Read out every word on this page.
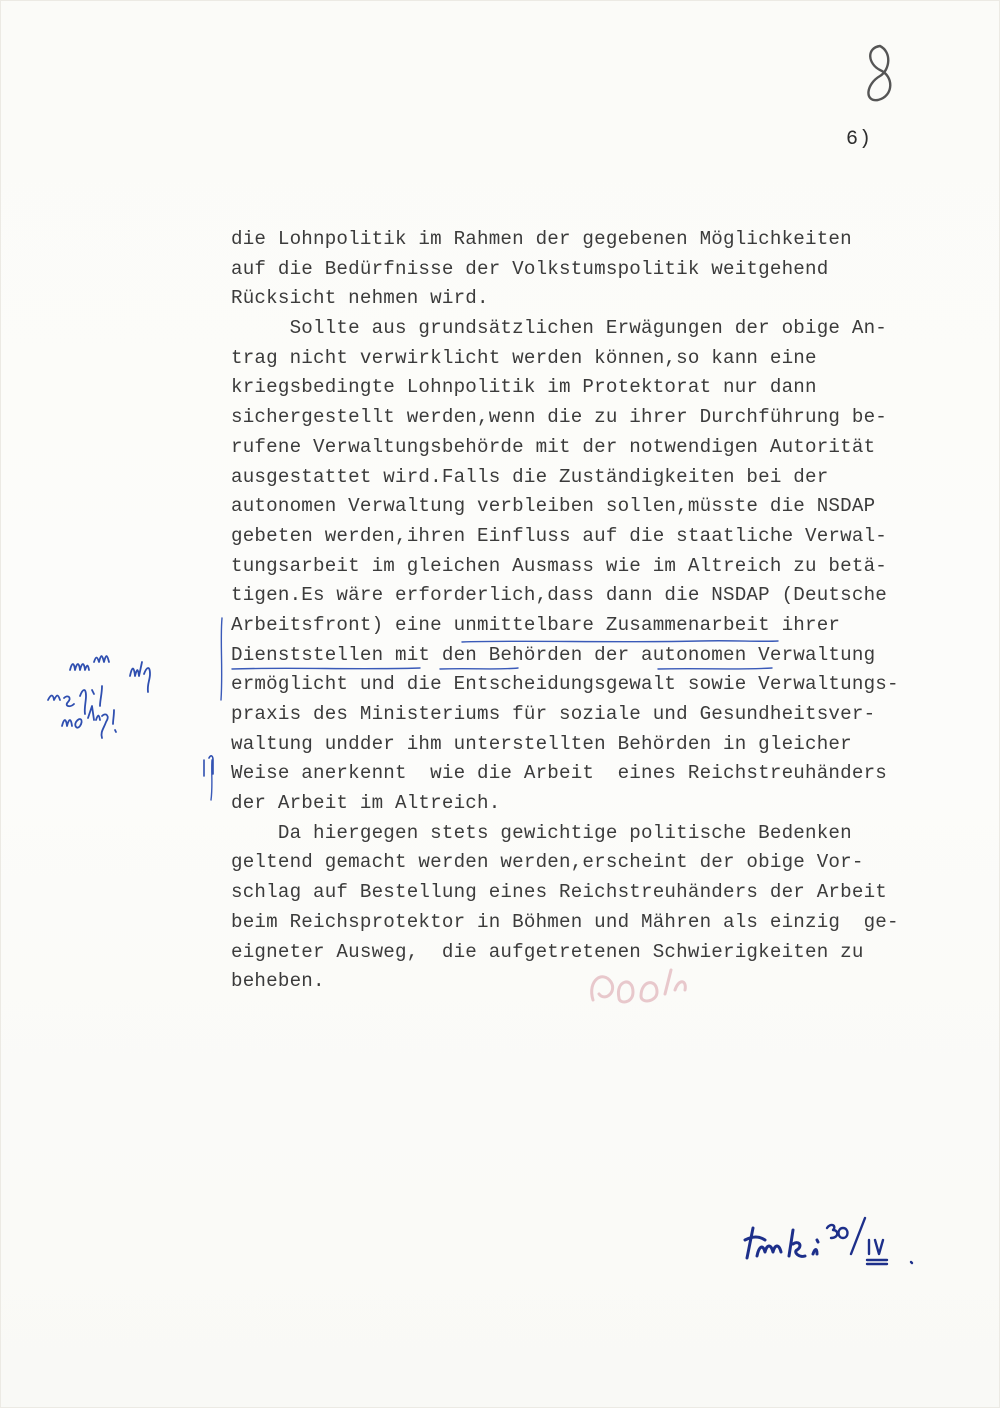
6)
die Lohnpolitik im Rahmen der gegebenen Möglichkeiten
auf die Bedürfnisse der Volkstumspolitik weitgehend
Rücksicht nehmen wird.
Sollte aus grundsätzlichen Erwägungen der obige An-
trag nicht verwirklicht werden können,so kann eine
kriegsbedingte Lohnpolitik im Protektorat nur dann
sichergestellt werden,wenn die zu ihrer Durchführung be-
rufene Verwaltungsbehörde mit der notwendigen Autorität
ausgestattet wird.Falls die Zuständigkeiten bei der
autonomen Verwaltung verbleiben sollen,müsste die NSDAP
gebeten werden,ihren Einfluss auf die staatliche Verwal-
tungsarbeit im gleichen Ausmass wie im Altreich zu betä-
tigen.Es wäre erforderlich,dass dann die NSDAP (Deutsche
Arbeitsfront) eine unmittelbare Zusammenarbeit ihrer
Dienststellen mit den Behörden der autonomen Verwaltung
ermöglicht und die Entscheidungsgewalt sowie Verwaltungs-
praxis des Ministeriums für soziale und Gesundheitsver-
waltung undder ihm unterstellten Behörden in gleicher
Weise anerkennt  wie die Arbeit  eines Reichstreuhänders
der Arbeit im Altreich.
Da hiergegen stets gewichtige politische Bedenken
geltend gemacht werden werden,erscheint der obige Vor-
schlag auf Bestellung eines Reichstreuhänders der Arbeit
beim Reichsprotektor in Böhmen und Mähren als einzig  ge-
eigneter Ausweg,  die aufgetretenen Schwierigkeiten zu
beheben.
